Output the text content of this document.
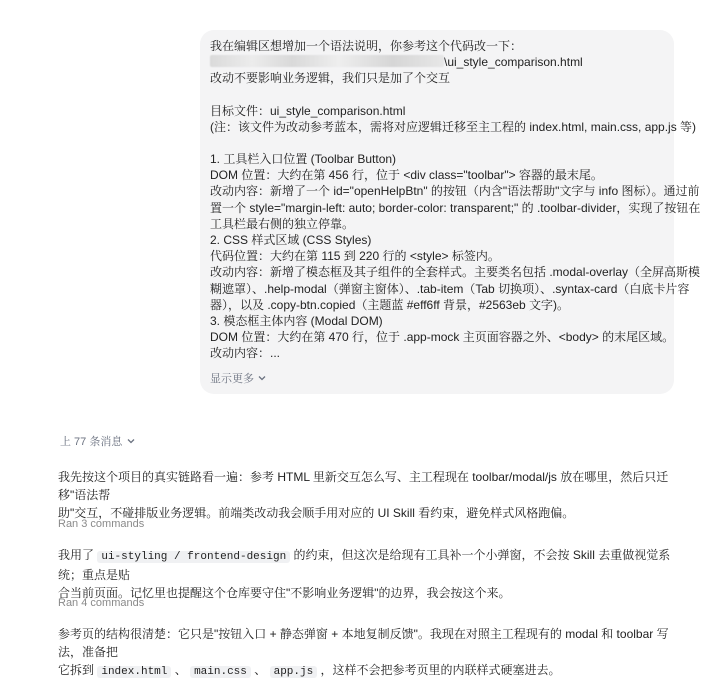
我在编辑区想增加一个语法说明，你参考这个代码改一下：
\ui_style_comparison.html
改动不要影响业务逻辑，我们只是加了个交互
目标文件：ui_style_comparison.html
(注：该文件为改动参考蓝本，需将对应逻辑迁移至主工程的 index.html, main.css, app.js 等)
1. 工具栏入口位置 (Toolbar Button)
DOM 位置：大约在第 456 行，位于 <div class="toolbar"> 容器的最末尾。
改动内容：新增了一个 id="openHelpBtn" 的按钮（内含"语法帮助"文字与 info 图标）。通过前
置一个 style="margin-left: auto; border-color: transparent;" 的 .toolbar-divider，实现了按钮在
工具栏最右侧的独立停靠。
2. CSS 样式区域 (CSS Styles)
代码位置：大约在第 115 到 220 行的 <style> 标签内。
改动内容：新增了模态框及其子组件的全套样式。主要类名包括 .modal-overlay（全屏高斯模
糊遮罩）、.help-modal（弹窗主窗体）、.tab-item（Tab 切换项）、.syntax-card（白底卡片容
器），以及 .copy-btn.copied（主题蓝 #eff6ff 背景，#2563eb 文字)。
3. 模态框主体内容 (Modal DOM)
DOM 位置：大约在第 470 行，位于 .app-mock 主页面容器之外、<body> 的末尾区域。
改动内容：...
显示更多
上 77 条消息
我先按这个项目的真实链路看一遍：参考 HTML 里新交互怎么写、主工程现在 toolbar/modal/js 放在哪里，然后只迁移"语法帮
助"交互，不碰排版业务逻辑。前端类改动我会顺手用对应的 UI Skill 看约束，避免样式风格跑偏。
Ran 3 commands
我用了 ui-styling / frontend-design 的约束，但这次是给现有工具补一个小弹窗，不会按 Skill 去重做视觉系统；重点是贴
合当前页面。记忆里也提醒这个仓库要守住"不影响业务逻辑"的边界，我会按这个来。
Ran 4 commands
参考页的结构很清楚：它只是"按钮入口 + 静态弹窗 + 本地复制反馈"。我现在对照主工程现有的 modal 和 toolbar 写法，准备把
它拆到 index.html 、 main.css 、 app.js ，这样不会把参考页里的内联样式硬塞进去。
